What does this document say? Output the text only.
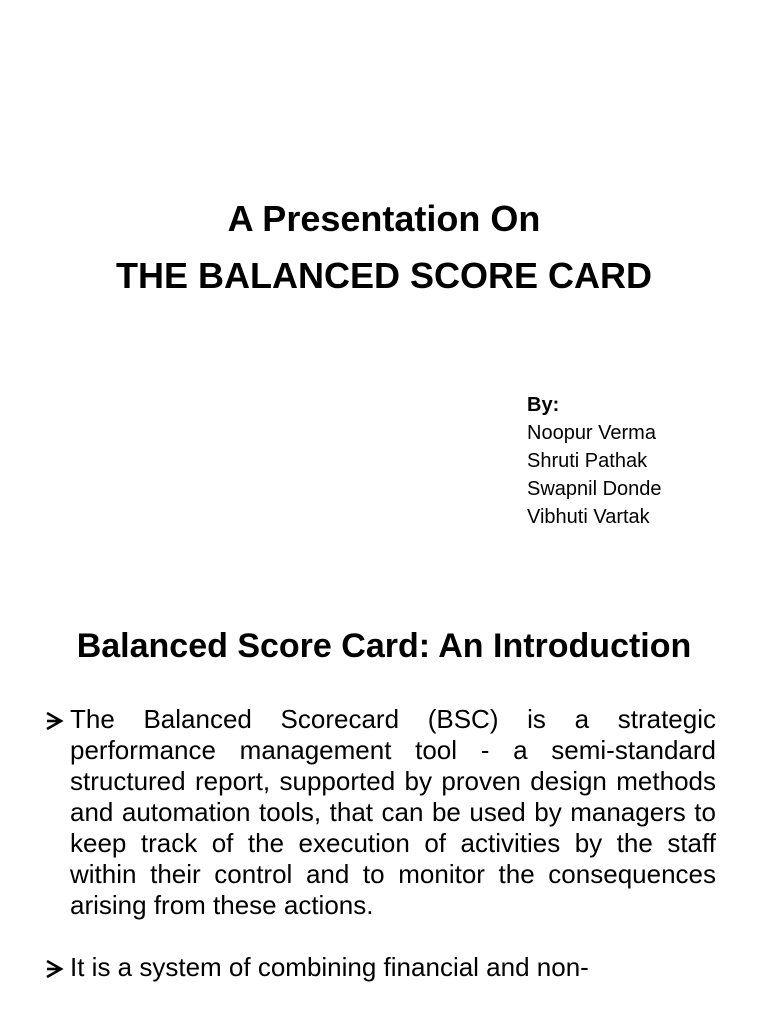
A Presentation On
THE BALANCED SCORE CARD
By:
Noopur Verma
Shruti Pathak
Swapnil Donde
Vibhuti Vartak
Balanced Score Card: An Introduction
The Balanced Scorecard (BSC) is a strategic performance management tool - a semi-standard structured report, supported by proven design methods and automation tools, that can be used by managers to keep track of the execution of activities by the staff within their control and to monitor the consequences arising from these actions.
It is a system of combining financial and non-
